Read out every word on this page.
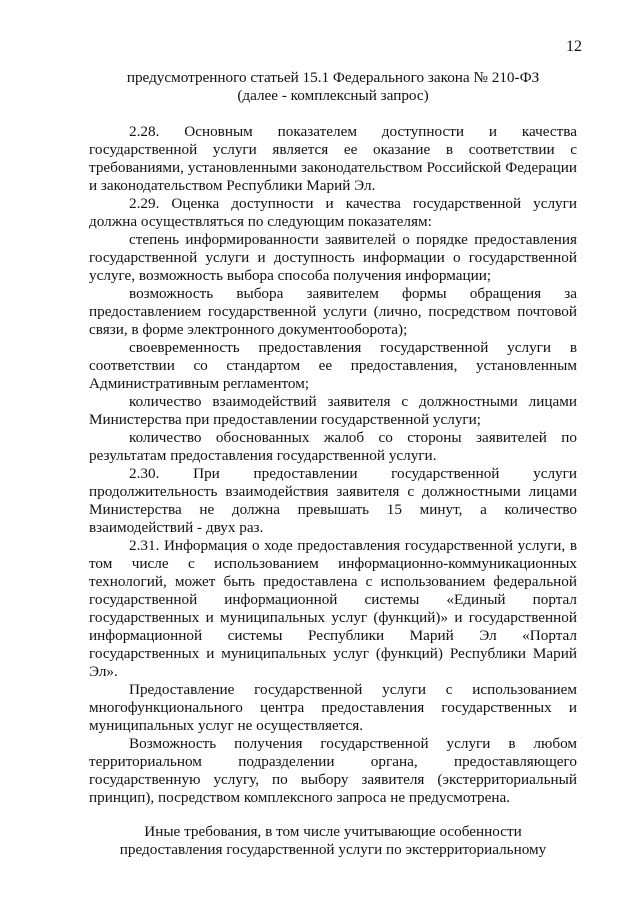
12
предусмотренного статьей 15.1 Федерального закона № 210-ФЗ
(далее - комплексный запрос)
2.28. Основным показателем доступности и качества государственной услуги является ее оказание в соответствии с требованиями, установленными законодательством Российской Федерации и законодательством Республики Марий Эл.
2.29. Оценка доступности и качества государственной услуги должна осуществляться по следующим показателям:
степень информированности заявителей о порядке предоставления государственной услуги и доступность информации о государственной услуге, возможность выбора способа получения информации;
возможность выбора заявителем формы обращения за предоставлением государственной услуги (лично, посредством почтовой связи, в форме электронного документооборота);
своевременность предоставления государственной услуги в соответствии со стандартом ее предоставления, установленным Административным регламентом;
количество взаимодействий заявителя с должностными лицами Министерства при предоставлении государственной услуги;
количество обоснованных жалоб со стороны заявителей по результатам предоставления государственной услуги.
2.30. При предоставлении государственной услуги продолжительность взаимодействия заявителя с должностными лицами Министерства не должна превышать 15 минут, а количество взаимодействий - двух раз.
2.31. Информация о ходе предоставления государственной услуги, в том числе с использованием информационно-коммуникационных технологий, может быть предоставлена с использованием федеральной государственной информационной системы «Единый портал государственных и муниципальных услуг (функций)» и государственной информационной системы Республики Марий Эл «Портал государственных и муниципальных услуг (функций) Республики Марий Эл».
Предоставление государственной услуги с использованием многофункционального центра предоставления государственных и муниципальных услуг не осуществляется.
Возможность получения государственной услуги в любом территориальном подразделении органа, предоставляющего государственную услугу, по выбору заявителя (экстерриториальный принцип), посредством комплексного запроса не предусмотрена.
Иные требования, в том числе учитывающие особенности
предоставления государственной услуги по экстерриториальному
